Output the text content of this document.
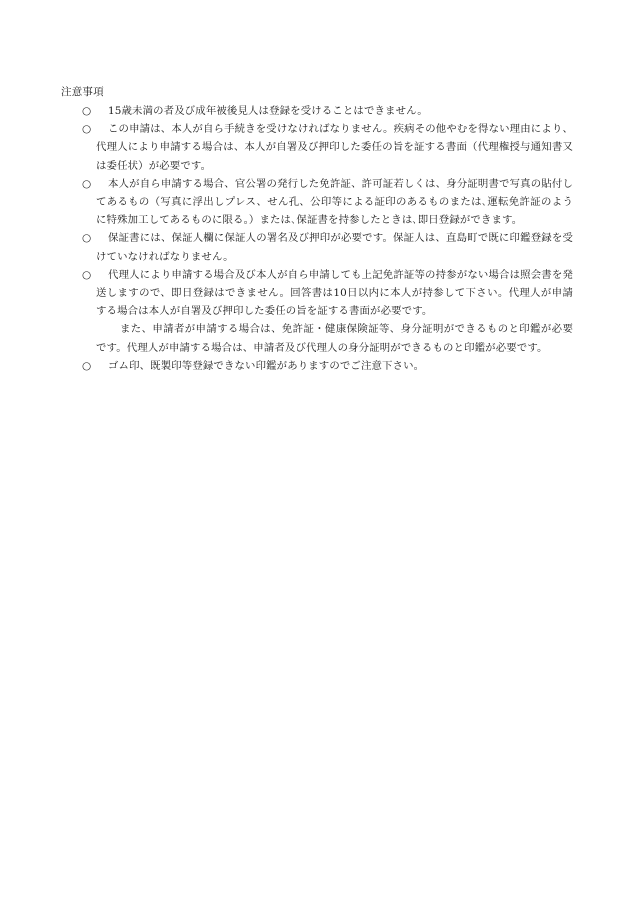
注意事項
○	15歳未満の者及び成年被後見人は登録を受けることはできません。
○	この申請は、本人が自ら手続きを受けなければなりません。疾病その他やむを得ない理由により、代理人により申請する場合は、本人が自署及び押印した委任の旨を証する書面（代理権授与通知書又は委任状）が必要です。
○	本人が自ら申請する場合、官公署の発行した免許証、許可証若しくは、身分証明書で写真の貼付してあるもの（写真に浮出しプレス、せん孔、公印等による証印のあるものまたは､運転免許証のように特殊加工してあるものに限る。）または､保証書を持参したときは､即日登録ができます。
○	保証書には、保証人欄に保証人の署名及び押印が必要です。保証人は、直島町で既に印鑑登録を受けていなければなりません。
○	代理人により申請する場合及び本人が自ら申請しても上記免許証等の持参がない場合は照会書を発送しますので、即日登録はできません。回答書は10日以内に本人が持参して下さい。代理人が申請する場合は本人が自署及び押印した委任の旨を証する書面が必要です。
また、申請者が申請する場合は、免許証・健康保険証等、身分証明ができるものと印鑑が必要です。代理人が申請する場合は、申請者及び代理人の身分証明ができるものと印鑑が必要です。
○	ゴム印、既製印等登録できない印鑑がありますのでご注意下さい。
